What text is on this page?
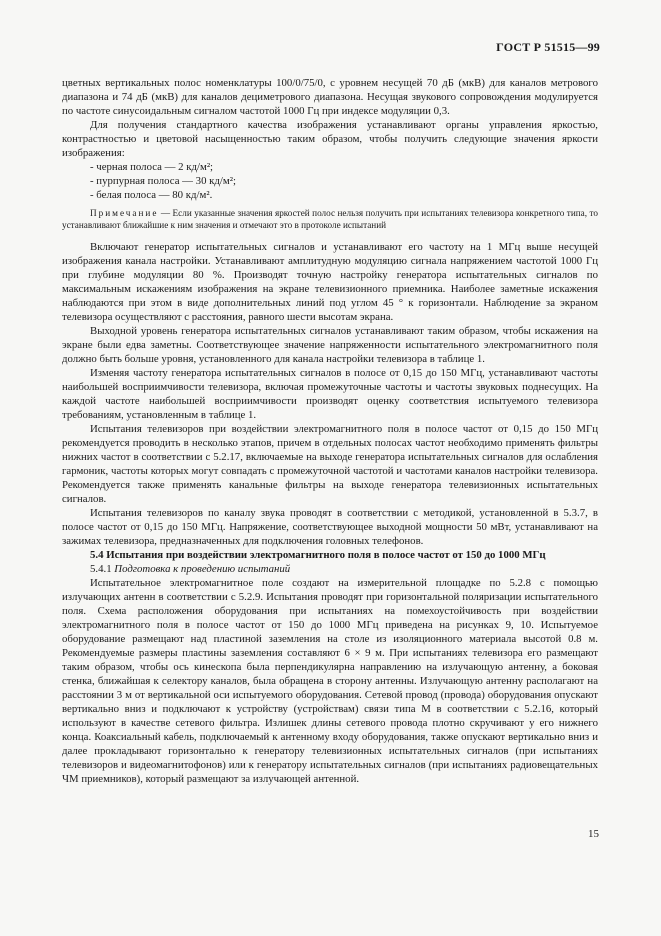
ГОСТ Р 51515—99

цветных вертикальных полос номенклатуры 100/0/75/0, с уровнем несущей 70 дБ (мкВ) для каналов метрового диапазона и 74 дБ (мкВ) для каналов дециметрового диапазона. Несущая звукового сопровождения модулируется по частоте синусоидальным сигналом частотой 1000 Гц при индексе модуляции 0,3.

Для получения стандартного качества изображения устанавливают органы управления яркостью, контрастностью и цветовой насыщенностью таким образом, чтобы получить следующие значения яркости изображения:

- черная полоса — 2 кд/м²;

- пурпурная полоса — 30 кд/м²;

- белая полоса — 80 кд/м².

Примечание — Если указанные значения яркостей полос нельзя получить при испытаниях телевизора конкретного типа, то устанавливают ближайшие к ним значения и отмечают это в протоколе испытаний

Включают генератор испытательных сигналов и устанавливают его частоту на 1 МГц выше несущей изображения канала настройки. Устанавливают амплитудную модуляцию сигнала напряжением частотой 1000 Гц при глубине модуляции 80 %. Производят точную настройку генератора испытательных сигналов по максимальным искажениям изображения на экране телевизионного приемника. Наиболее заметные искажения наблюдаются при этом в виде дополнительных линий под углом 45 ° к горизонтали. Наблюдение за экраном телевизора осуществляют с расстояния, равного шести высотам экрана.

Выходной уровень генератора испытательных сигналов устанавливают таким образом, чтобы искажения на экране были едва заметны. Соответствующее значение напряженности испытательного электромагнитного поля должно быть больше уровня, установленного для канала настройки телевизора в таблице 1.

Изменяя частоту генератора испытательных сигналов в полосе от 0,15 до 150 МГц, устанавливают частоты наибольшей восприимчивости телевизора, включая промежуточные частоты и частоты звуковых поднесущих. На каждой частоте наибольшей восприимчивости производят оценку соответствия испытуемого телевизора требованиям, установленным в таблице 1.

Испытания телевизоров при воздействии электромагнитного поля в полосе частот от 0,15 до 150 МГц рекомендуется проводить в несколько этапов, причем в отдельных полосах частот необходимо применять фильтры нижних частот в соответствии с 5.2.17, включаемые на выходе генератора испытательных сигналов для ослабления гармоник, частоты которых могут совпадать с промежуточной частотой и частотами каналов настройки телевизора. Рекомендуется также применять канальные фильтры на выходе генератора телевизионных испытательных сигналов.

Испытания телевизоров по каналу звука проводят в соответствии с методикой, установленной в 5.3.7, в полосе частот от 0,15 до 150 МГц. Напряжение, соответствующее выходной мощности 50 мВт, устанавливают на зажимах телевизора, предназначенных для подключения головных телефонов.

5.4 Испытания при воздействии электромагнитного поля в полосе частот от 150 до 1000 МГц

5.4.1 Подготовка к проведению испытаний

Испытательное электромагнитное поле создают на измерительной площадке по 5.2.8 с помощью излучающих антенн в соответствии с 5.2.9. Испытания проводят при горизонтальной поляризации испытательного поля. Схема расположения оборудования при испытаниях на помехоустойчивость при воздействии электромагнитного поля в полосе частот от 150 до 1000 МГц приведена на рисунках 9, 10. Испытуемое оборудование размещают над пластиной заземления на столе из изоляционного материала высотой 0.8 м. Рекомендуемые размеры пластины заземления составляют 6 × 9 м. При испытаниях телевизора его размещают таким образом, чтобы ось кинескопа была перпендикулярна направлению на излучающую антенну, а боковая стенка, ближайшая к селектору каналов, была обращена в сторону антенны. Излучающую антенну располагают на расстоянии 3 м от вертикальной оси испытуемого оборудования. Сетевой провод (провода) оборудования опускают вертикально вниз и подключают к устройству (устройствам) связи типа М в соответствии с 5.2.16, который используют в качестве сетевого фильтра. Излишек длины сетевого провода плотно скручивают у его нижнего конца. Коаксиальный кабель, подключаемый к антенному входу оборудования, также опускают вертикально вниз и далее прокладывают горизонтально к генератору телевизионных испытательных сигналов (при испытаниях телевизоров и видеомагнитофонов) или к генератору испытательных сигналов (при испытаниях радиовещательных ЧМ приемников), который размещают за излучающей антенной.

15
